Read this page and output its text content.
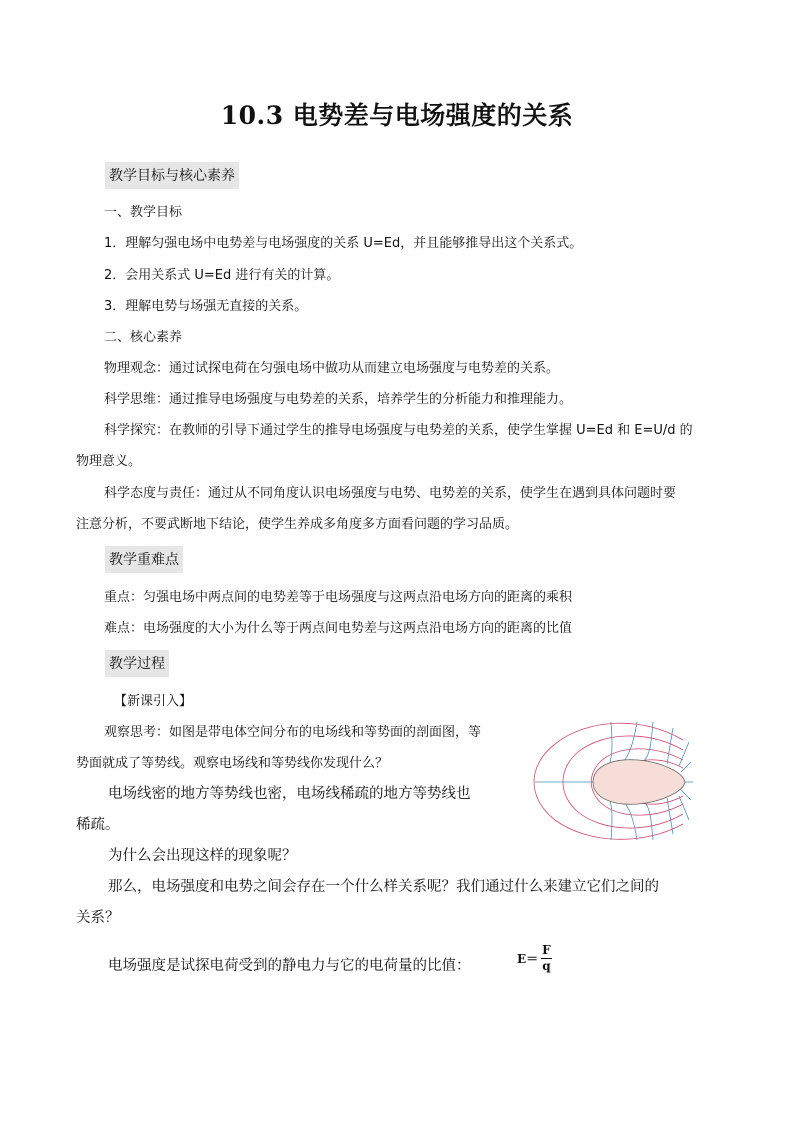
10.3 电势差与电场强度的关系
教学目标与核心素养
一、教学目标
1．理解匀强电场中电势差与电场强度的关系 U=Ed，并且能够推导出这个关系式。
2．会用关系式 U=Ed 进行有关的计算。
3．理解电势与场强无直接的关系。
二、核心素养
物理观念：通过试探电荷在匀强电场中做功从而建立电场强度与电势差的关系。
科学思维：通过推导电场强度与电势差的关系，培养学生的分析能力和推理能力。
科学探究：在教师的引导下通过学生的推导电场强度与电势差的关系，使学生掌握 U=Ed 和 E=U/d 的
物理意义。
科学态度与责任：通过从不同角度认识电场强度与电势、电势差的关系，使学生在遇到具体问题时要
注意分析，不要武断地下结论，使学生养成多角度多方面看问题的学习品质。
教学重难点
重点：匀强电场中两点间的电势差等于电场强度与这两点沿电场方向的距离的乘积
难点：电场强度的大小为什么等于两点间电势差与这两点沿电场方向的距离的比值
教学过程
【新课引入】
观察思考：如图是带电体空间分布的电场线和等势面的剖面图，等
势面就成了等势线。观察电场线和等势线你发现什么？
电场线密的地方等势线也密，电场线稀疏的地方等势线也
稀疏。
为什么会出现这样的现象呢？
那么，电场强度和电势之间会存在一个什么样关系呢？我们通过什么来建立它们之间的
关系？
电场强度是试探电荷受到的静电力与它的电荷量的比值：	$E= \frac{F}{q}$
